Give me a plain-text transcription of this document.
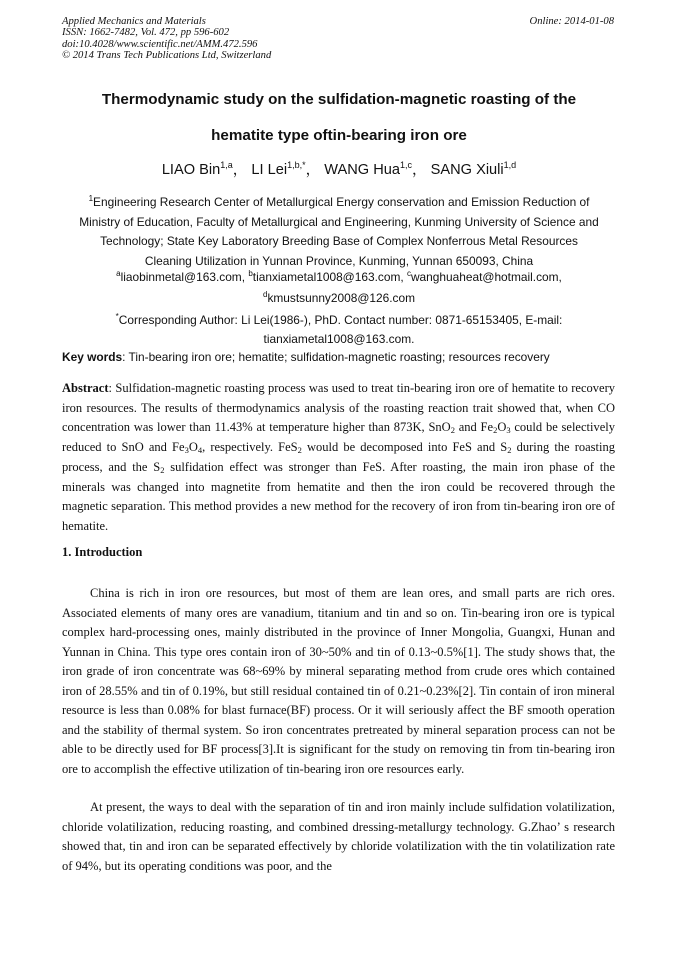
Applied Mechanics and Materials
ISSN: 1662-7482, Vol. 472, pp 596-602
doi:10.4028/www.scientific.net/AMM.472.596
© 2014 Trans Tech Publications Ltd, Switzerland
Online: 2014-01-08
Thermodynamic study on the sulfidation-magnetic roasting of the
hematite type oftin-bearing iron ore
LIAO Bin$^{1,a}$， LI Lei$^{1,b,*}$， WANG Hua$^{1,c}$， SANG Xiuli$^{1,d}$
$^1$Engineering Research Center of Metallurgical Energy conservation and Emission Reduction of
Ministry of Education, Faculty of Metallurgical and Engineering, Kunming University of Science and
Technology; State Key Laboratory Breeding Base of Complex Nonferrous Metal Resources
Cleaning Utilization in Yunnan Province, Kunming, Yunnan 650093, China
$^a$liaobinmetal@163.com, $^b$tianxiametal1008@163.com, $^c$wanghuaheat@hotmail.com,
$^d$kmustsunny2008@126.com
*Corresponding Author: Li Lei(1986-), PhD. Contact number: 0871-65153405, E-mail:
tianxiametal1008@163.com.
Key words: Tin-bearing iron ore; hematite; sulfidation-magnetic roasting; resources recovery
Abstract: Sulfidation-magnetic roasting process was used to treat tin-bearing iron ore of hematite to recovery iron resources. The results of thermodynamics analysis of the roasting reaction trait showed that, when CO concentration was lower than 11.43% at temperature higher than 873K, SnO$_2$ and $Fe_2O_3$ could be selectively reduced to SnO and $Fe_3O_4$, respectively. FeS$_2$ would be decomposed into FeS and $S_2$ during the roasting process, and the $S_2$ sulfidation effect was stronger than FeS. After roasting, the main iron phase of the minerals was changed into magnetite from hematite and then the iron could be recovered through the magnetic separation. This method provides a new method for the recovery of iron from tin-bearing iron ore of hematite.
1. Introduction
China is rich in iron ore resources, but most of them are lean ores, and small parts are rich ores. Associated elements of many ores are vanadium, titanium and tin and so on. Tin-bearing iron ore is typical complex hard-processing ones, mainly distributed in the province of Inner Mongolia, Guangxi, Hunan and Yunnan in China. This type ores contain iron of 30~50% and tin of 0.13~0.5%[1]. The study shows that, the iron grade of iron concentrate was 68~69% by mineral separating method from crude ores which contained iron of 28.55% and tin of 0.19%, but still residual contained tin of 0.21~0.23%[2]. Tin contain of iron mineral resource is less than 0.08% for blast furnace(BF) process. Or it will seriously affect the BF smooth operation and the stability of thermal system. So iron concentrates pretreated by mineral separation process can not be able to be directly used for BF process[3].It is significant for the study on removing tin from tin-bearing iron ore to accomplish the effective utilization of tin-bearing iron ore resources early.
At present, the ways to deal with the separation of tin and iron mainly include sulfidation volatilization, chloride volatilization, reducing roasting, and combined dressing-metallurgy technology. G.Zhao’ s research showed that, tin and iron can be separated effectively by chloride volatilization with the tin volatilization rate of 94%, but its operating conditions was poor, and the
